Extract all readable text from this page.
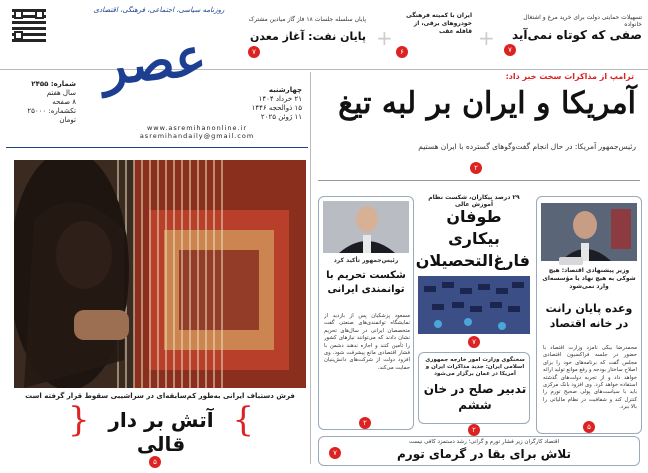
روزنامه سیاسی، اجتماعی، فرهنگی، اقتصادی
عصر
پایان سلسله جلسات ۱۸ فاز گاز میادین مشترک
پایان نفت: آغاز معدن
۷
+
ایران با کمیته فرهنگی خودروهای برقی، از قافله عقب
۶
+
تسهیلات حمایتی دولت برای خرید مرغ و اشتغال خانواده
صفی که کوتاه نمی‌آید
۷
شماره: ۲۴۵۵
سال هفتم
۸ صفحه
تکشماره: ۲۵۰۰۰ تومان
چهارشنبه
۲۱ خرداد ۱۴۰۴
۱۵ ذوالحجه ۱۴۴۶
۱۱ ژوئن ۲۰۲۵
www.asremihanonline.ir
asremihandaily@gmail.com
فرش دستباف ایرانی به‌طور کم‌سابقه‌ای در سراشیبی سقوط قرار گرفته است
{
} آتش بر دار قالی
۵
ترامپ از مذاکرات سخت خبر داد:
آمریکا و ایران بر لبه تیغ
رئیس‌جمهور آمریکا: در حال انجام گفت‌وگوهای گسترده با ایران هستیم
۲
وزیر پیشنهادی اقتصاد: هیچ شوکی به هیچ نهاد یا مؤسسه‌ای وارد نمی‌شود
وعده پایان رانت در خانه اقتصاد
محمدرضا بیگی نامزد وزارت اقتصاد با حضور در جلسه فراکسیون اقتصادی مجلس گفت که برنامه‌های خود را برای اصلاح ساختار بودجه و رفع موانع تولید ارائه خواهد داد و از تجربه دولت‌های گذشته استفاده خواهد کرد. وی افزود بانک مرکزی باید با سیاست‌های پولی صحیح تورم را کنترل کند و شفافیت در نظام مالیاتی را بالا ببرد.
۵
۲۹ درصد بیکاران، شکست نظام آموزش عالی
طوفان بیکاری فارغ‌التحصیلان
۷
سخنگوی وزارت امور خارجه جمهوری اسلامی ایران: جدید مذاکرات ایران و آمریکا در عمان برگزار می‌شود
تدبیر صلح در خان ششم
۲
رئیس‌جمهور تأکید کرد
شکست تحریم با توانمندی ایرانی
مسعود پزشکیان پس از بازدید از نمایشگاه توانمندی‌های صنعتی گفت متخصصان ایرانی در سال‌های تحریم نشان دادند که می‌توانند نیازهای کشور را تأمین کنند و اجازه ندهند دشمن با فشار اقتصادی مانع پیشرفت شود. وی افزود دولت از شرکت‌های دانش‌بنیان حمایت می‌کند.
۲
اقتصاد کارگران زیر فشار تورم و گرانی؛ رشد دستمزد کافی نیست
تلاش برای بقا در گرمای تورم
۷
